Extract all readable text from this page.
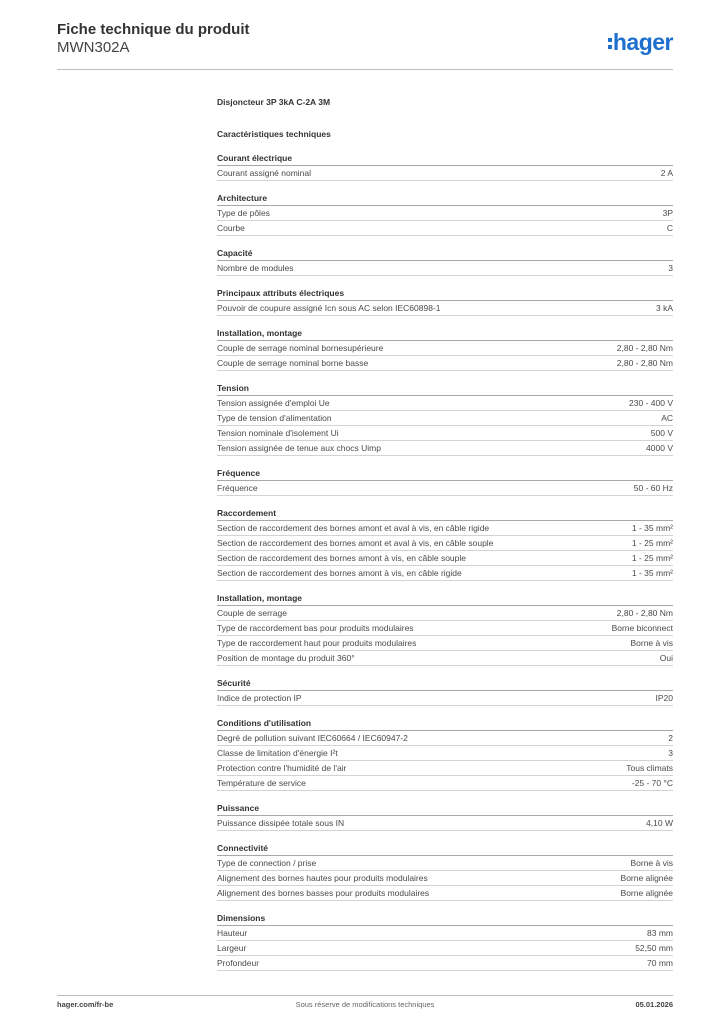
Fiche technique du produit
MWN302A	hager
Disjoncteur 3P 3kA C-2A 3M
Caractéristiques techniques
Courant électrique
Courant assigné nominal	2 A
Architecture
Type de pôles	3P
Courbe	C
Capacité
Nombre de modules	3
Principaux attributs électriques
Pouvoir de coupure assigné Icn sous AC selon IEC60898-1	3 kA
Installation, montage
Couple de serrage nominal bornesupérieure	2,80 - 2,80 Nm
Couple de serrage nominal borne basse	2,80 - 2,80 Nm
Tension
Tension assignée d'emploi Ue	230 - 400 V
Type de tension d'alimentation	AC
Tension nominale d'isolement Ui	500 V
Tension assignée de tenue aux chocs Uimp	4000 V
Fréquence
Fréquence	50 - 60 Hz
Raccordement
Section de raccordement des bornes amont et aval à vis, en câble rigide	1 - 35 mm²
Section de raccordement des bornes amont et aval à vis, en câble souple	1 - 25 mm²
Section de raccordement des bornes amont à vis, en câble souple	1 - 25 mm²
Section de raccordement des bornes amont à vis, en câble rigide	1 - 35 mm²
Installation, montage
Couple de serrage	2,80 - 2,80 Nm
Type de raccordement bas pour produits modulaires	Borne biconnect
Type de raccordement haut pour produits modulaires	Borne à vis
Position de montage du produit 360°	Oui
Sécurité
Indice de protection IP	IP20
Conditions d'utilisation
Degré de pollution suivant IEC60664 / IEC60947-2	2
Classe de limitation d'énergie I²t	3
Protection contre l'humidité de l'air	Tous climats
Température de service	-25 - 70 °C
Puissance
Puissance dissipée totale sous IN	4,10 W
Connectivité
Type de connection / prise	Borne à vis
Alignement des bornes hautes pour produits modulaires	Borne alignée
Alignement des bornes basses pour produits modulaires	Borne alignée
Dimensions
Hauteur	83 mm
Largeur	52,50 mm
Profondeur	70 mm
hager.com/fr-be	Sous réserve de modifications techniques	05.01.2026
